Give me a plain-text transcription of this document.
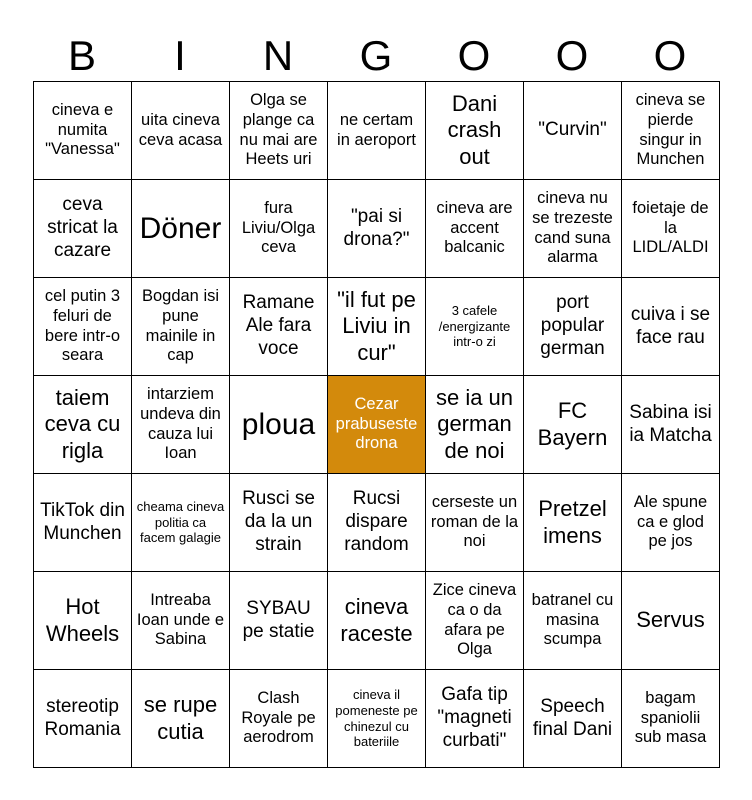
B	I	N	G	O	O	O
cineva e numita "Vanessa"	uita cineva ceva acasa	Olga se plange ca nu mai are Heets uri	ne certam in aeroport	Dani crash out	"Curvin"	cineva se pierde singur in Munchen
ceva stricat la cazare	Döner	fura Liviu/Olga ceva	"pai si drona?"	cineva are accent balcanic	cineva nu se trezeste cand suna alarma	foietaje de la LIDL/ALDI
cel putin 3 feluri de bere intr-o seara	Bogdan isi pune mainile in cap	Ramane Ale fara voce	"il fut pe Liviu in cur"	3 cafele /energizante intr-o zi	port popular german	cuiva i se face rau
taiem ceva cu rigla	intarziem undeva din cauza lui Ioan	ploua	Cezar prabuseste drona	se ia un german de noi	FC Bayern	Sabina isi ia Matcha
TikTok din Munchen	cheama cineva politia ca facem galagie	Rusci se da la un strain	Rucsi dispare random	cerseste un roman de la noi	Pretzel imens	Ale spune ca e glod pe jos
Hot Wheels	Intreaba Ioan unde e Sabina	SYBAU pe statie	cineva raceste	Zice cineva ca o da afara pe Olga	batranel cu masina scumpa	Servus
stereotip Romania	se rupe cutia	Clash Royale pe aerodrom	cineva il pomeneste pe chinezul cu bateriile	Gafa tip "magneti curbati"	Speech final Dani	bagam spaniolii sub masa
